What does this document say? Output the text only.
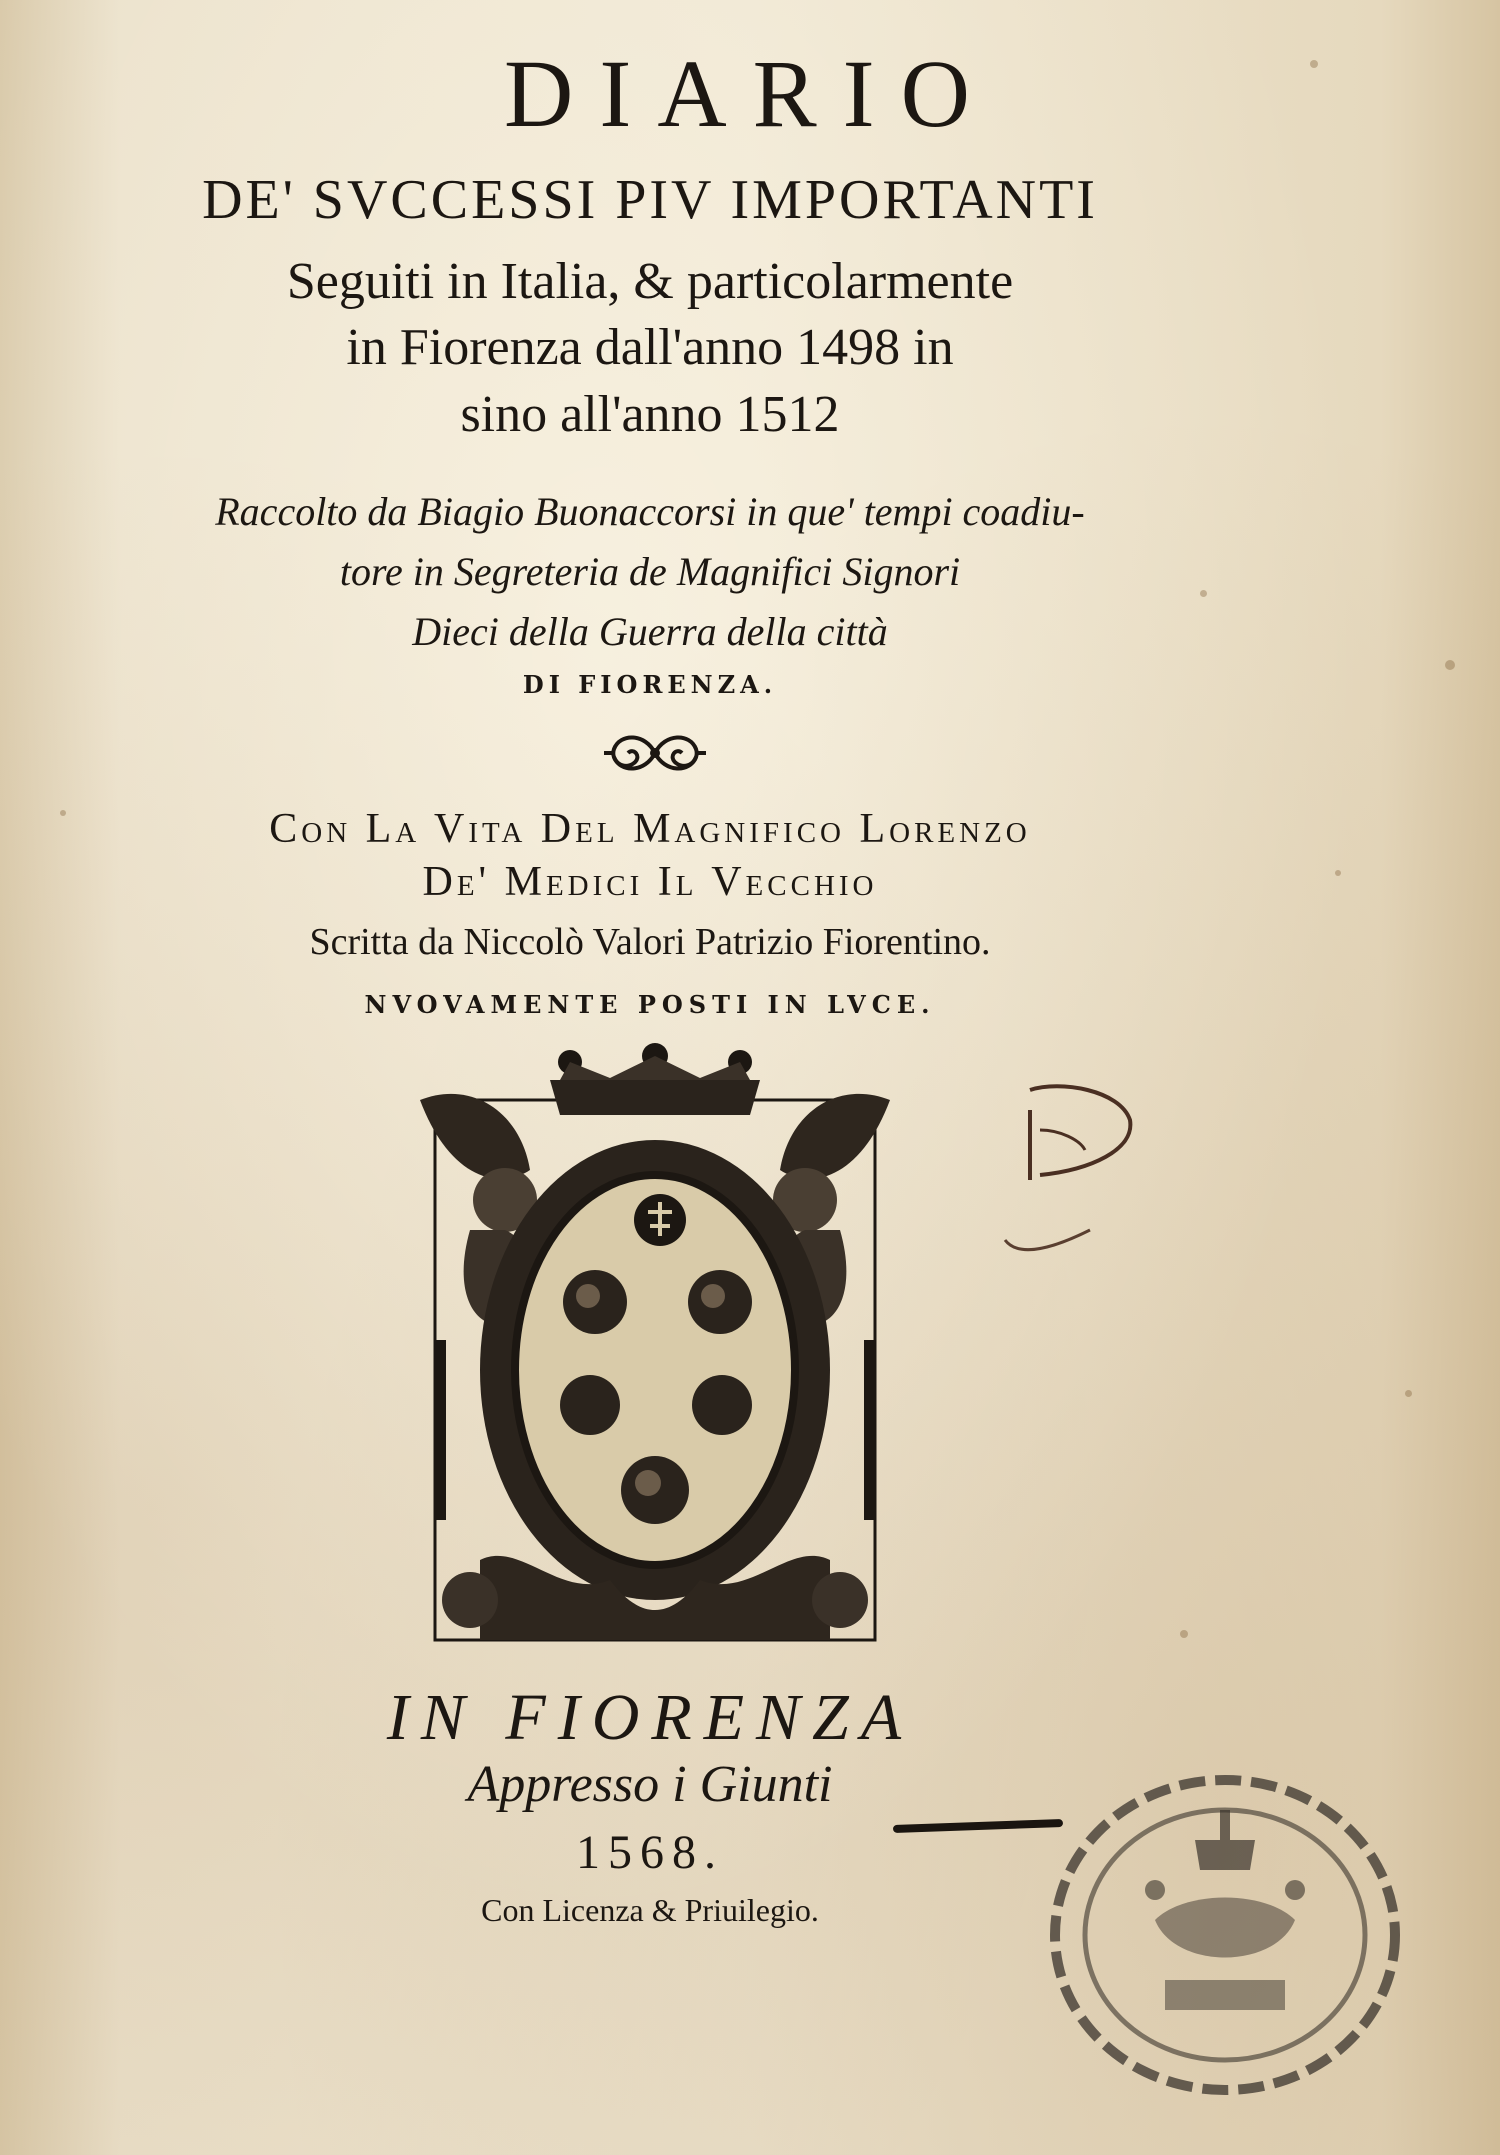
DIARIO
DE' SVCCESSI PIV IMPORTANTI
Seguiti in Italia, & particolarmente
in Fiorenza dall'anno 1498 in
sino all'anno 1512
Raccolto da Biagio Buonaccorsi in que' tempi coadiu-
tore in Segreteria de Magnifici Signori
Dieci della Guerra della città
DI FIORENZA.
Con La Vita Del Magnifico Lorenzo
De' Medici Il Vecchio
Scritta da Niccolò Valori Patrizio Fiorentino.
NVOVAMENTE POSTI IN LVCE.
IN FIORENZA
Appresso i Giunti
1568.
Con Licenza & Priuilegio.
